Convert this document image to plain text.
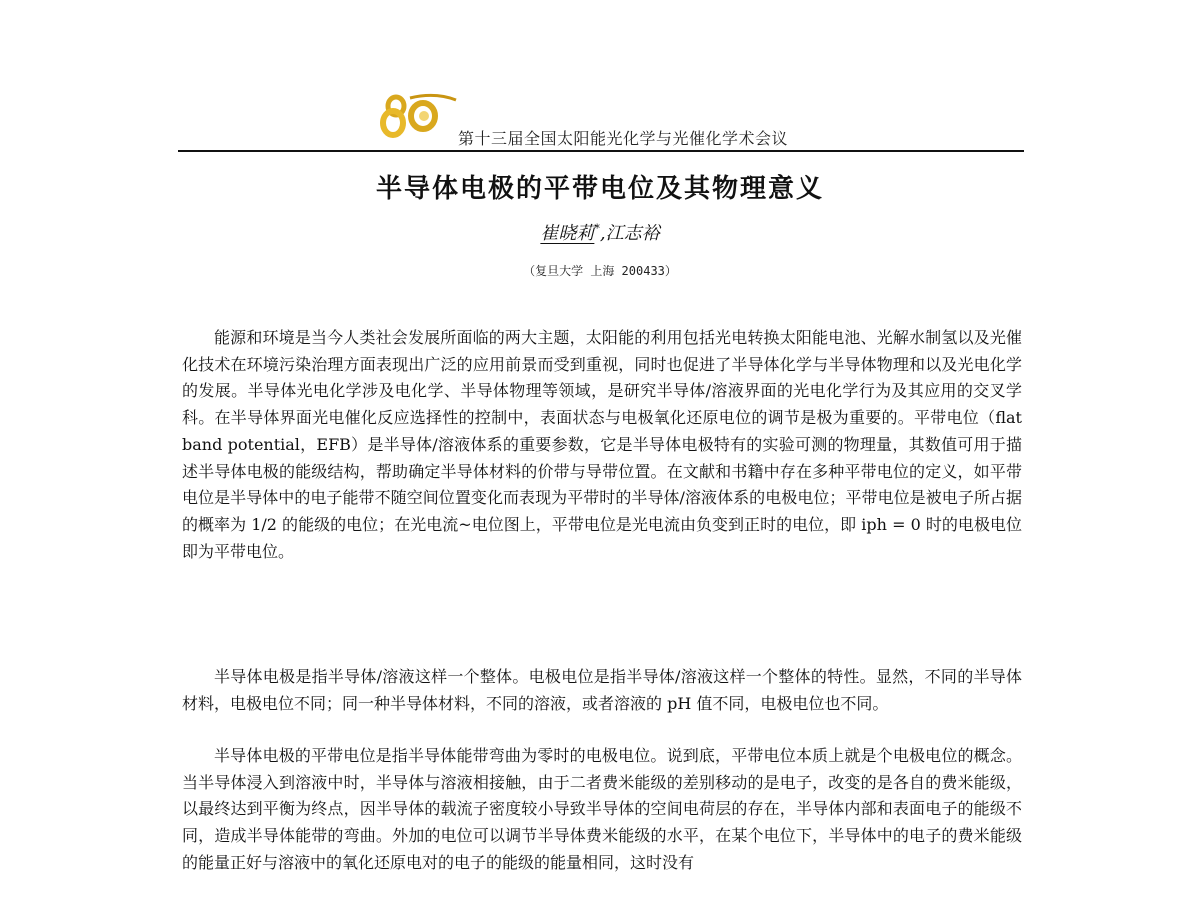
第十三届全国太阳能光化学与光催化学术会议
半导体电极的平带电位及其物理意义
崔晓莉*,江志裕
（复旦大学 上海 200433）

能源和环境是当今人类社会发展所面临的两大主题，太阳能的利用包括光电转换太阳能电池、光解水制氢以及光催化技术在环境污染治理方面表现出广泛的应用前景而受到重视，同时也促进了半导体化学与半导体物理和以及光电化学的发展。半导体光电化学涉及电化学、半导体物理等领域，是研究半导体/溶液界面的光电化学行为及其应用的交叉学科。在半导体界面光电催化反应选择性的控制中，表面状态与电极氧化还原电位的调节是极为重要的。平带电位（flat band potential，EFB）是半导体/溶液体系的重要参数，它是半导体电极特有的实验可测的物理量，其数值可用于描述半导体电极的能级结构，帮助确定半导体材料的价带与导带位置。在文献和书籍中存在多种平带电位的定义，如平带电位是半导体中的电子能带不随空间位置变化而表现为平带时的半导体/溶液体系的电极电位；平带电位是被电子所占据的概率为 1/2 的能级的电位；在光电流~电位图上，平带电位是光电流由负变到正时的电位，即 iph = 0 时的电极电位即为平带电位。

半导体电极是指半导体/溶液这样一个整体。电极电位是指半导体/溶液这样一个整体的特性。显然，不同的半导体材料，电极电位不同；同一种半导体材料，不同的溶液，或者溶液的 pH 值不同，电极电位也不同。

半导体电极的平带电位是指半导体能带弯曲为零时的电极电位。说到底，平带电位本质上就是个电极电位的概念。当半导体浸入到溶液中时，半导体与溶液相接触，由于二者费米能级的差别移动的是电子，改变的是各自的费米能级，以最终达到平衡为终点，因半导体的载流子密度较小导致半导体的空间电荷层的存在，半导体内部和表面电子的能级不同，造成半导体能带的弯曲。外加的电位可以调节半导体费米能级的水平，在某个电位下，半导体中的电子的费米能级的能量正好与溶液中的氧化还原电对的电子的能级的能量相同，这时没有
